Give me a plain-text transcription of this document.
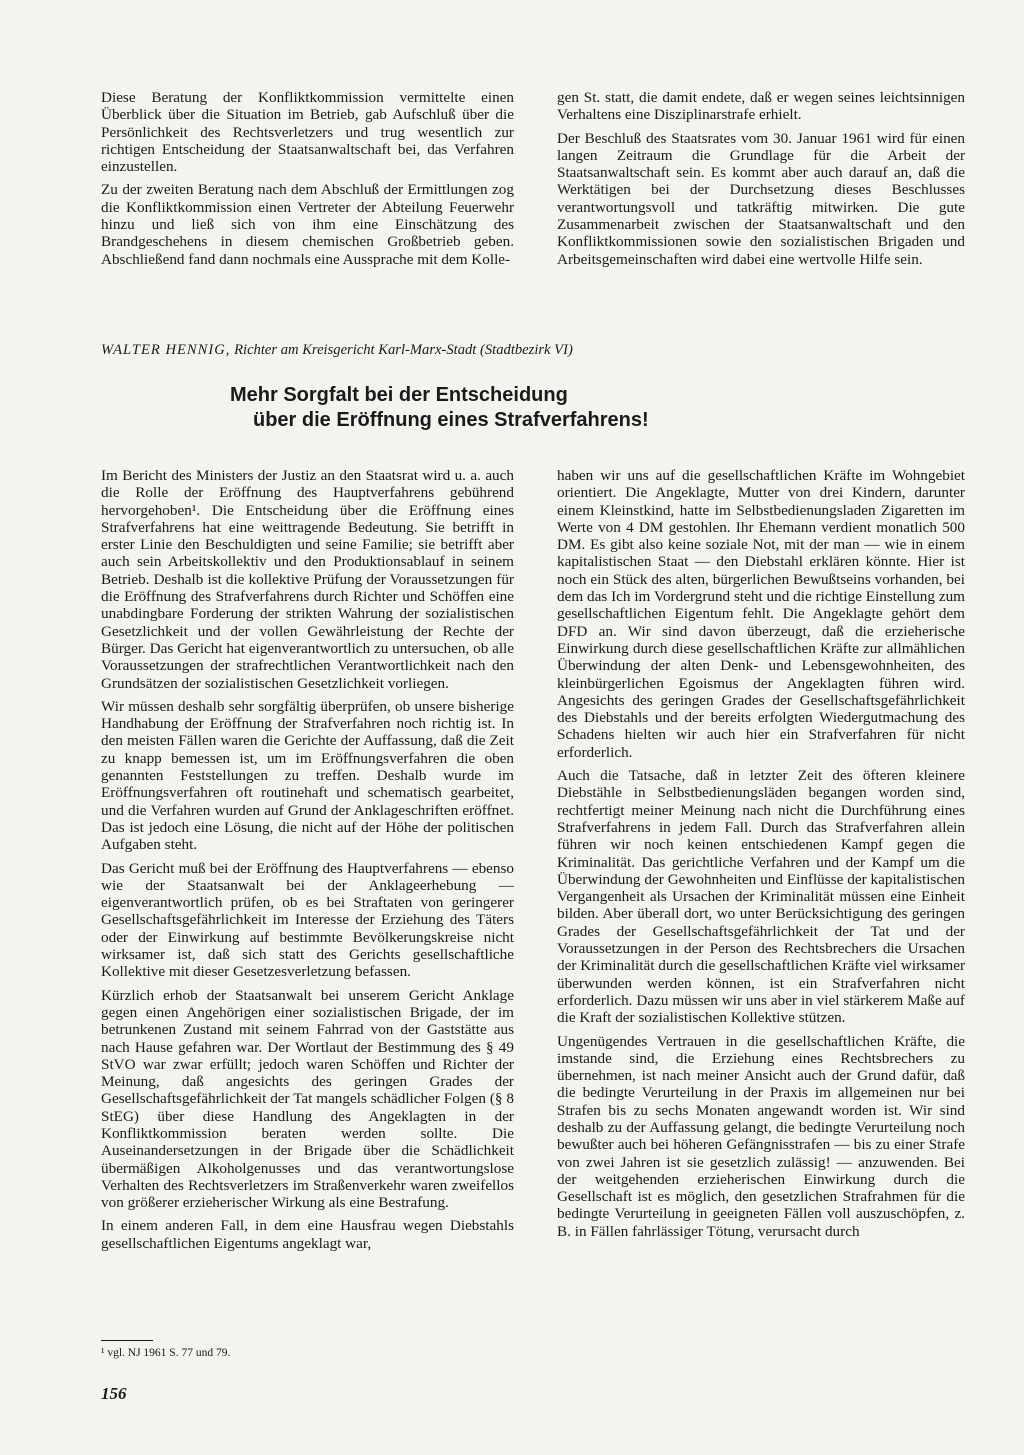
Diese Beratung der Konfliktkommission vermittelte einen Überblick über die Situation im Betrieb, gab Aufschluß über die Persönlichkeit des Rechtsverletzers und trug wesentlich zur richtigen Entscheidung der Staatsanwaltschaft bei, das Verfahren einzustellen.

Zu der zweiten Beratung nach dem Abschluß der Ermittlungen zog die Konfliktkommission einen Vertreter der Abteilung Feuerwehr hinzu und ließ sich von ihm eine Einschätzung des Brandgeschehens in diesem chemischen Großbetrieb geben. Abschließend fand dann nochmals eine Aussprache mit dem Kolle-

gen St. statt, die damit endete, daß er wegen seines leichtsinnigen Verhaltens eine Disziplinarstrafe erhielt.

Der Beschluß des Staatsrates vom 30. Januar 1961 wird für einen langen Zeitraum die Grundlage für die Arbeit der Staatsanwaltschaft sein. Es kommt aber auch darauf an, daß die Werktätigen bei der Durchsetzung dieses Beschlusses verantwortungsvoll und tatkräftig mitwirken. Die gute Zusammenarbeit zwischen der Staatsanwaltschaft und den Konfliktkommissionen sowie den sozialistischen Brigaden und Arbeitsgemeinschaften wird dabei eine wertvolle Hilfe sein.

WALTER HENNIG, Richter am Kreisgericht Karl-Marx-Stadt (Stadtbezirk VI)
Mehr Sorgfalt bei der Entscheidung
über die Eröffnung eines Strafverfahrens!

Im Bericht des Ministers der Justiz an den Staatsrat wird u. a. auch die Rolle der Eröffnung des Hauptverfahrens gebührend hervorgehoben¹. Die Entscheidung über die Eröffnung eines Strafverfahrens hat eine weittragende Bedeutung. Sie betrifft in erster Linie den Beschuldigten und seine Familie; sie betrifft aber auch sein Arbeitskollektiv und den Produktionsablauf in seinem Betrieb. Deshalb ist die kollektive Prüfung der Voraussetzungen für die Eröffnung des Strafverfahrens durch Richter und Schöffen eine unabdingbare Forderung der strikten Wahrung der sozialistischen Gesetzlichkeit und der vollen Gewährleistung der Rechte der Bürger. Das Gericht hat eigenverantwortlich zu untersuchen, ob alle Voraussetzungen der strafrechtlichen Verantwortlichkeit nach den Grundsätzen der sozialistischen Gesetzlichkeit vorliegen.

Wir müssen deshalb sehr sorgfältig überprüfen, ob unsere bisherige Handhabung der Eröffnung der Strafverfahren noch richtig ist. In den meisten Fällen waren die Gerichte der Auffassung, daß die Zeit zu knapp bemessen ist, um im Eröffnungsverfahren die oben genannten Feststellungen zu treffen. Deshalb wurde im Eröffnungsverfahren oft routinehaft und schematisch gearbeitet, und die Verfahren wurden auf Grund der Anklageschriften eröffnet. Das ist jedoch eine Lösung, die nicht auf der Höhe der politischen Aufgaben steht.

Das Gericht muß bei der Eröffnung des Hauptverfahrens — ebenso wie der Staatsanwalt bei der Anklageerhebung — eigenverantwortlich prüfen, ob es bei Straftaten von geringerer Gesellschaftsgefährlichkeit im Interesse der Erziehung des Täters oder der Einwirkung auf bestimmte Bevölkerungskreise nicht wirksamer ist, daß sich statt des Gerichts gesellschaftliche Kollektive mit dieser Gesetzesverletzung befassen.

Kürzlich erhob der Staatsanwalt bei unserem Gericht Anklage gegen einen Angehörigen einer sozialistischen Brigade, der im betrunkenen Zustand mit seinem Fahrrad von der Gaststätte aus nach Hause gefahren war. Der Wortlaut der Bestimmung des § 49 StVO war zwar erfüllt; jedoch waren Schöffen und Richter der Meinung, daß angesichts des geringen Grades der Gesellschaftsgefährlichkeit der Tat mangels schädlicher Folgen (§ 8 StEG) über diese Handlung des Angeklagten in der Konfliktkommission beraten werden sollte. Die Auseinandersetzungen in der Brigade über die Schädlichkeit übermäßigen Alkoholgenusses und das verantwortungslose Verhalten des Rechtsverletzers im Straßenverkehr waren zweifellos von größerer erzieherischer Wirkung als eine Bestrafung.

In einem anderen Fall, in dem eine Hausfrau wegen Diebstahls gesellschaftlichen Eigentums angeklagt war,

haben wir uns auf die gesellschaftlichen Kräfte im Wohngebiet orientiert. Die Angeklagte, Mutter von drei Kindern, darunter einem Kleinstkind, hatte im Selbstbedienungsladen Zigaretten im Werte von 4 DM gestohlen. Ihr Ehemann verdient monatlich 500 DM. Es gibt also keine soziale Not, mit der man — wie in einem kapitalistischen Staat — den Diebstahl erklären könnte. Hier ist noch ein Stück des alten, bürgerlichen Bewußtseins vorhanden, bei dem das Ich im Vordergrund steht und die richtige Einstellung zum gesellschaftlichen Eigentum fehlt. Die Angeklagte gehört dem DFD an. Wir sind davon überzeugt, daß die erzieherische Einwirkung durch diese gesellschaftlichen Kräfte zur allmählichen Überwindung der alten Denk- und Lebensgewohnheiten, des kleinbürgerlichen Egoismus der Angeklagten führen wird. Angesichts des geringen Grades der Gesellschaftsgefährlichkeit des Diebstahls und der bereits erfolgten Wiedergutmachung des Schadens hielten wir auch hier ein Strafverfahren für nicht erforderlich.

Auch die Tatsache, daß in letzter Zeit des öfteren kleinere Diebstähle in Selbstbedienungsläden begangen worden sind, rechtfertigt meiner Meinung nach nicht die Durchführung eines Strafverfahrens in jedem Fall. Durch das Strafverfahren allein führen wir noch keinen entschiedenen Kampf gegen die Kriminalität. Das gerichtliche Verfahren und der Kampf um die Überwindung der Gewohnheiten und Einflüsse der kapitalistischen Vergangenheit als Ursachen der Kriminalität müssen eine Einheit bilden. Aber überall dort, wo unter Berücksichtigung des geringen Grades der Gesellschaftsgefährlichkeit der Tat und der Voraussetzungen in der Person des Rechtsbrechers die Ursachen der Kriminalität durch die gesellschaftlichen Kräfte viel wirksamer überwunden werden können, ist ein Strafverfahren nicht erforderlich. Dazu müssen wir uns aber in viel stärkerem Maße auf die Kraft der sozialistischen Kollektive stützen.

Ungenügendes Vertrauen in die gesellschaftlichen Kräfte, die imstande sind, die Erziehung eines Rechtsbrechers zu übernehmen, ist nach meiner Ansicht auch der Grund dafür, daß die bedingte Verurteilung in der Praxis im allgemeinen nur bei Strafen bis zu sechs Monaten angewandt worden ist. Wir sind deshalb zu der Auffassung gelangt, die bedingte Verurteilung noch bewußter auch bei höheren Gefängnisstrafen — bis zu einer Strafe von zwei Jahren ist sie gesetzlich zulässig! — anzuwenden. Bei der weitgehenden erzieherischen Einwirkung durch die Gesellschaft ist es möglich, den gesetzlichen Strafrahmen für die bedingte Verurteilung in geeigneten Fällen voll auszuschöpfen, z. B. in Fällen fahrlässiger Tötung, verursacht durch

¹ vgl. NJ 1961 S. 77 und 79.
156
